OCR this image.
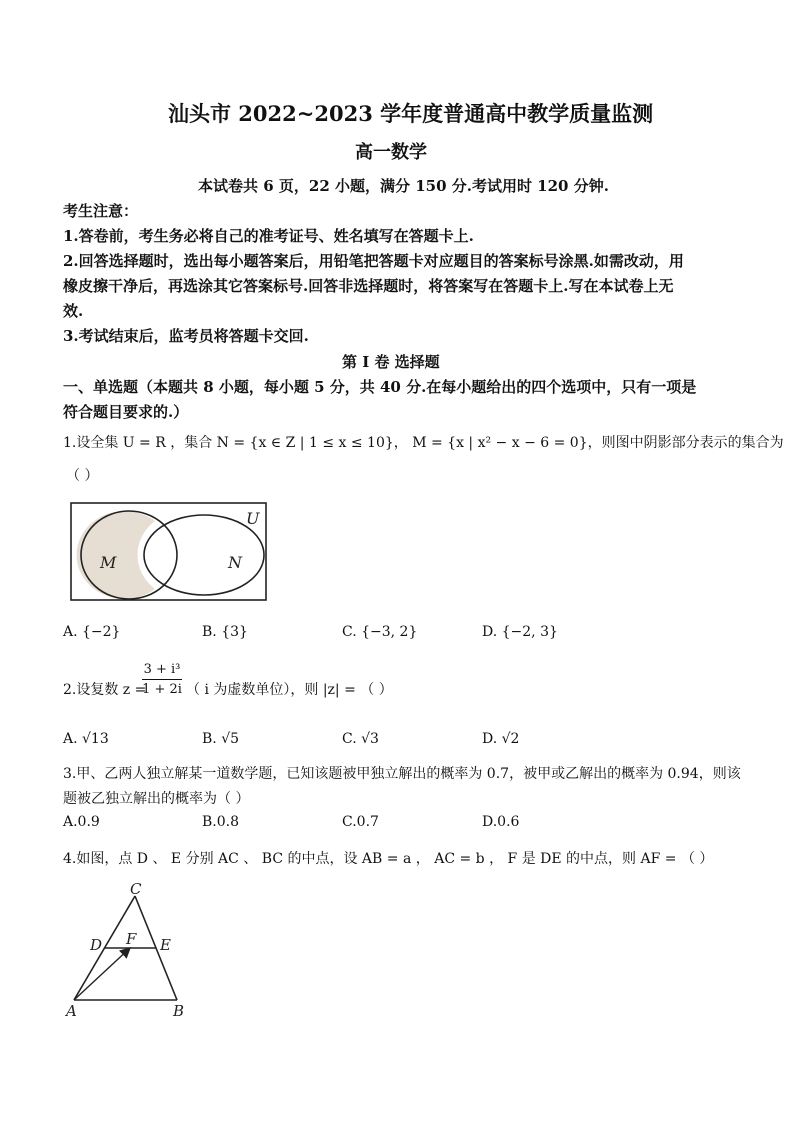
汕头市 2022~2023 学年度普通高中教学质量监测
高一数学
本试卷共 6 页，22 小题，满分 150 分.考试用时 120 分钟.
考生注意：
1.答卷前，考生务必将自己的准考证号、姓名填写在答题卡上.
2.回答选择题时，选出每小题答案后，用铅笔把答题卡对应题目的答案标号涂黑.如需改动，用
橡皮擦干净后，再选涂其它答案标号.回答非选择题时，将答案写在答题卡上.写在本试卷上无
效.
3.考试结束后，监考员将答题卡交回.
第 I 卷 选择题
一、单选题（本题共 8 小题，每小题 5 分，共 40 分.在每小题给出的四个选项中，只有一项是
符合题目要求的.）
1.设全集 U = R ，集合 N = {x ∈ Z | 1 ≤ x ≤ 10}， M = {x | x² − x − 6 = 0}，则图中阴影部分表示的集合为
（ ）
U
M	N
A. {−2}	B. {3}	C. {−3, 2}	D. {−2, 3}
2.设复数 z =
3 + i³
1 + 2i （ i 为虚数单位），则 |z| = （ ）
A. √13	B. √5	C. √3	D. √2
3.甲、乙两人独立解某一道数学题，已知该题被甲独立解出的概率为 0.7，被甲或乙解出的概率为 0.94，则该
题被乙独立解出的概率为（ ）
A.0.9	B.0.8	C.0.7	D.0.6
4.如图，点 D 、 E 分别 AC 、 BC 的中点，设 AB = a ， AC = b ， F 是 DE 的中点，则 AF = （ ）
C
D F E
A	B
